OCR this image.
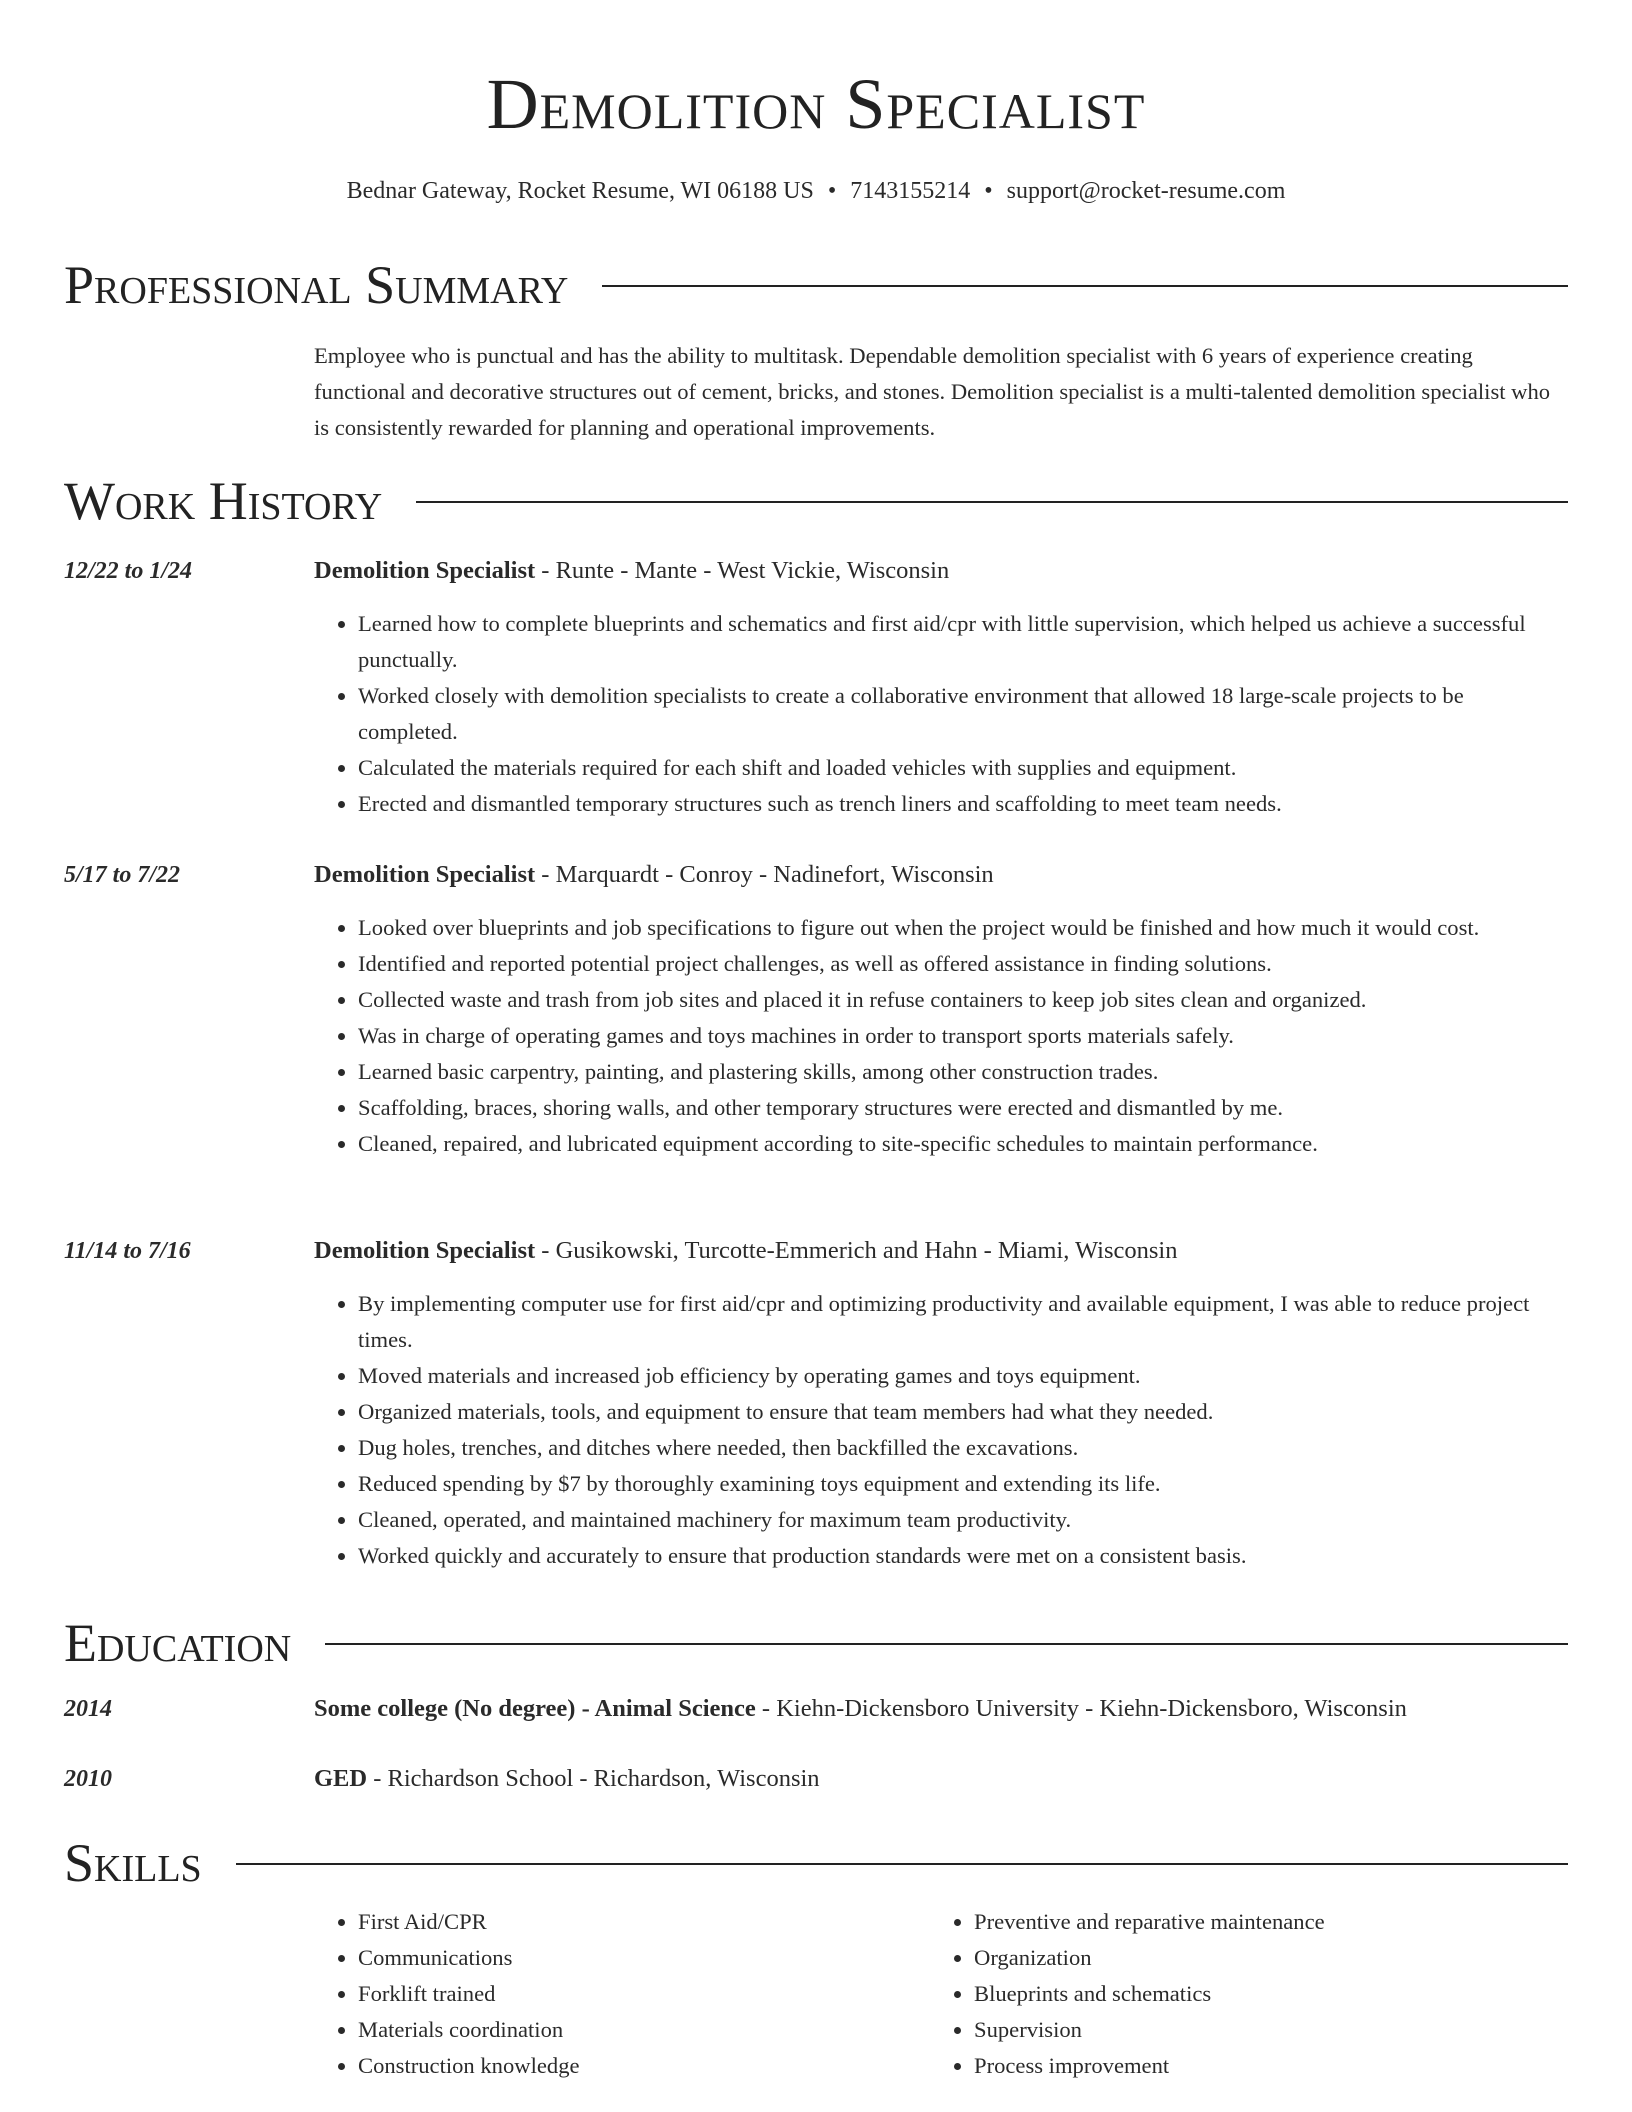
Demolition Specialist
Bednar Gateway, Rocket Resume, WI 06188 US • 7143155214 • support@rocket-resume.com
Professional Summary
Employee who is punctual and has the ability to multitask. Dependable demolition specialist with 6 years of experience creating functional and decorative structures out of cement, bricks, and stones. Demolition specialist is a multi-talented demolition specialist who is consistently rewarded for planning and operational improvements.
Work History
12/22 to 1/24	Demolition Specialist - Runte - Mante - West Vickie, Wisconsin
• Learned how to complete blueprints and schematics and first aid/cpr with little supervision, which helped us achieve a successful punctually.
• Worked closely with demolition specialists to create a collaborative environment that allowed 18 large-scale projects to be completed.
• Calculated the materials required for each shift and loaded vehicles with supplies and equipment.
• Erected and dismantled temporary structures such as trench liners and scaffolding to meet team needs.
5/17 to 7/22	Demolition Specialist - Marquardt - Conroy - Nadinefort, Wisconsin
• Looked over blueprints and job specifications to figure out when the project would be finished and how much it would cost.
• Identified and reported potential project challenges, as well as offered assistance in finding solutions.
• Collected waste and trash from job sites and placed it in refuse containers to keep job sites clean and organized.
• Was in charge of operating games and toys machines in order to transport sports materials safely.
• Learned basic carpentry, painting, and plastering skills, among other construction trades.
• Scaffolding, braces, shoring walls, and other temporary structures were erected and dismantled by me.
• Cleaned, repaired, and lubricated equipment according to site-specific schedules to maintain performance.
11/14 to 7/16	Demolition Specialist - Gusikowski, Turcotte-Emmerich and Hahn - Miami, Wisconsin
• By implementing computer use for first aid/cpr and optimizing productivity and available equipment, I was able to reduce project times.
• Moved materials and increased job efficiency by operating games and toys equipment.
• Organized materials, tools, and equipment to ensure that team members had what they needed.
• Dug holes, trenches, and ditches where needed, then backfilled the excavations.
• Reduced spending by $7 by thoroughly examining toys equipment and extending its life.
• Cleaned, operated, and maintained machinery for maximum team productivity.
• Worked quickly and accurately to ensure that production standards were met on a consistent basis.
Education
2014	Some college (No degree) - Animal Science - Kiehn-Dickensboro University - Kiehn-Dickensboro, Wisconsin
2010	GED - Richardson School - Richardson, Wisconsin
Skills
• First Aid/CPR
• Communications
• Forklift trained
• Materials coordination
• Construction knowledge
• Preventive and reparative maintenance
• Organization
• Blueprints and schematics
• Supervision
• Process improvement
